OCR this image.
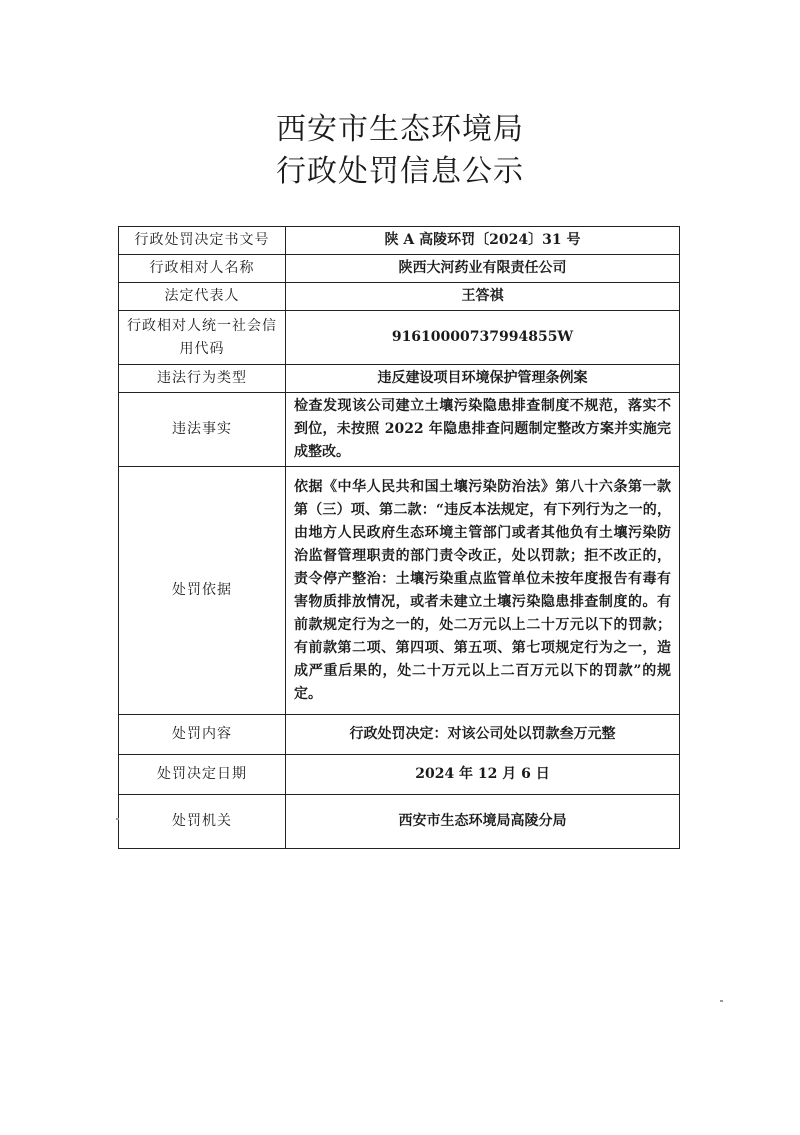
西安市生态环境局
行政处罚信息公示
行政处罚决定书文号	陕 A 高陵环罚〔2024〕31 号
行政相对人名称	陕西大河药业有限责任公司
法定代表人	王答祺
行政相对人统一社会信用代码	91610000737994855W
违法行为类型	违反建设项目环境保护管理条例案
违法事实	检查发现该公司建立土壤污染隐患排查制度不规范，落实不到位，未按照 2022 年隐患排查问题制定整改方案并实施完成整改。
处罚依据	依据《中华人民共和国土壤污染防治法》第八十六条第一款第（三）项、第二款：“违反本法规定，有下列行为之一的，由地方人民政府生态环境主管部门或者其他负有土壤污染防治监督管理职责的部门责令改正，处以罚款；拒不改正的，责令停产整治：土壤污染重点监管单位未按年度报告有毒有害物质排放情况，或者未建立土壤污染隐患排查制度的。有前款规定行为之一的，处二万元以上二十万元以下的罚款；有前款第二项、第四项、第五项、第七项规定行为之一，造成严重后果的，处二十万元以上二百万元以下的罚款”的规定。
处罚内容	行政处罚决定：对该公司处以罚款叁万元整
处罚决定日期	2024 年 12 月 6 日
处罚机关	西安市生态环境局高陵分局
